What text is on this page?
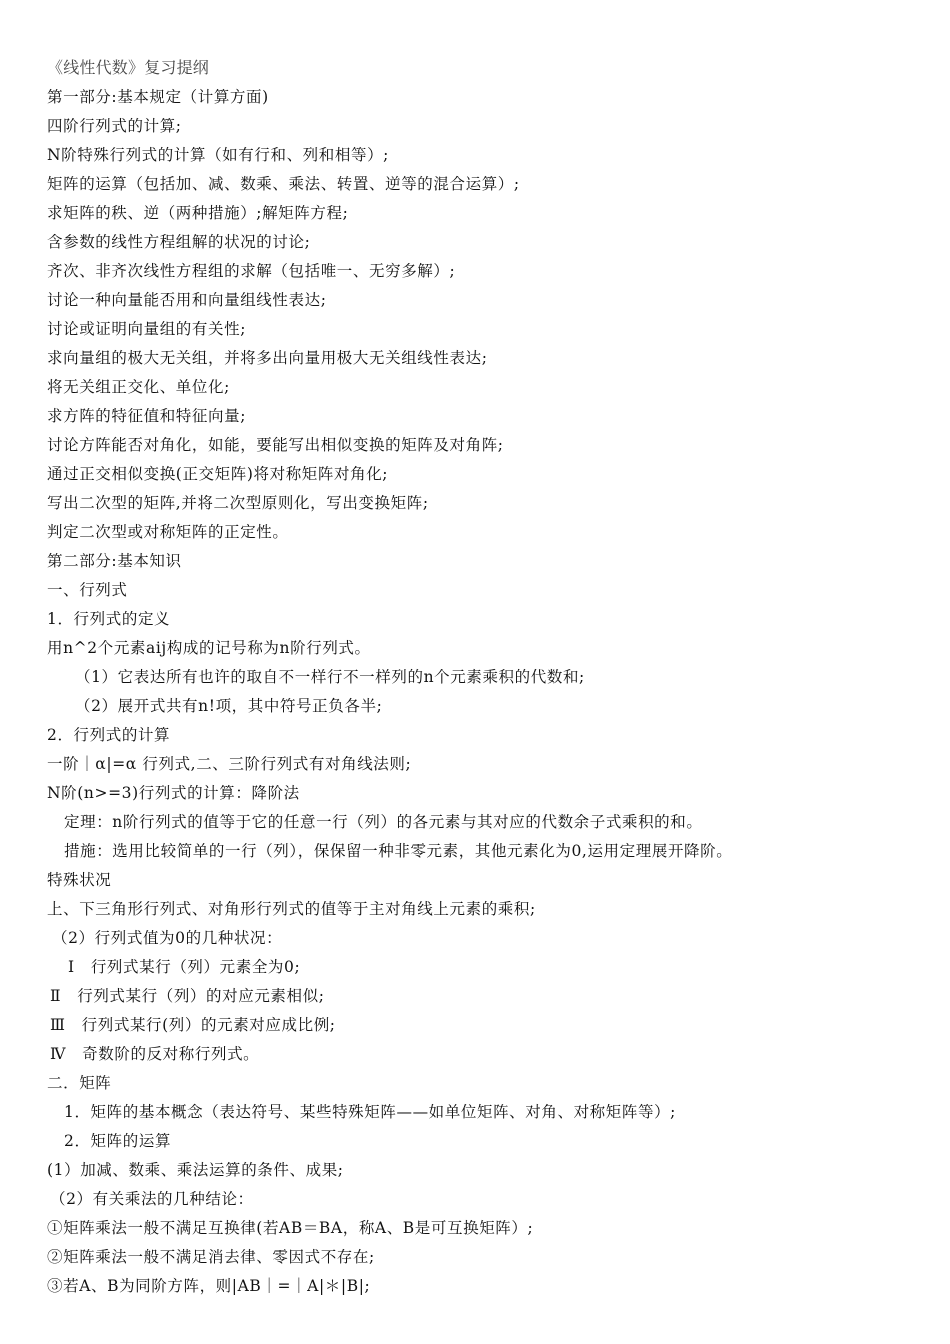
《线性代数》复习提纲
第一部分:基本规定（计算方面)
四阶行列式的计算;
N阶特殊行列式的计算（如有行和、列和相等）;
矩阵的运算（包括加、减、数乘、乘法、转置、逆等的混合运算）;
求矩阵的秩、逆（两种措施）;解矩阵方程;
含参数的线性方程组解的状况的讨论;
齐次、非齐次线性方程组的求解（包括唯一、无穷多解）;
讨论一种向量能否用和向量组线性表达;
讨论或证明向量组的有关性;
求向量组的极大无关组，并将多出向量用极大无关组线性表达;
将无关组正交化、单位化;
求方阵的特征值和特征向量;
讨论方阵能否对角化，如能，要能写出相似变换的矩阵及对角阵;
通过正交相似变换(正交矩阵)将对称矩阵对角化;
写出二次型的矩阵,并将二次型原则化，写出变换矩阵;
判定二次型或对称矩阵的正定性。
第二部分:基本知识
一、行列式
1．行列式的定义
用n^2个元素aij构成的记号称为n阶行列式。
（1）它表达所有也许的取自不一样行不一样列的n个元素乘积的代数和;
（2）展开式共有n!项，其中符号正负各半;
2．行列式的计算
一阶｜α|=α 行列式,二、三阶行列式有对角线法则;
N阶(n>=3)行列式的计算：降阶法
定理：n阶行列式的值等于它的任意一行（列）的各元素与其对应的代数余子式乘积的和。
措施：选用比较简单的一行（列），保保留一种非零元素，其他元素化为0,运用定理展开降阶。
特殊状况
上、下三角形行列式、对角形行列式的值等于主对角线上元素的乘积;
（2）行列式值为0的几种状况：
Ⅰ　行列式某行（列）元素全为0;
Ⅱ　行列式某行（列）的对应元素相似;
Ⅲ　行列式某行(列）的元素对应成比例;
Ⅳ　奇数阶的反对称行列式。
二．矩阵
1．矩阵的基本概念（表达符号、某些特殊矩阵——如单位矩阵、对角、对称矩阵等）;
2．矩阵的运算
(1）加减、数乘、乘法运算的条件、成果;
（2）有关乘法的几种结论：
①矩阵乘法一般不满足互换律(若AB＝BA，称A、B是可互换矩阵）;
②矩阵乘法一般不满足消去律、零因式不存在;
③若A、B为同阶方阵，则|AB｜=｜A|＊|B|;
